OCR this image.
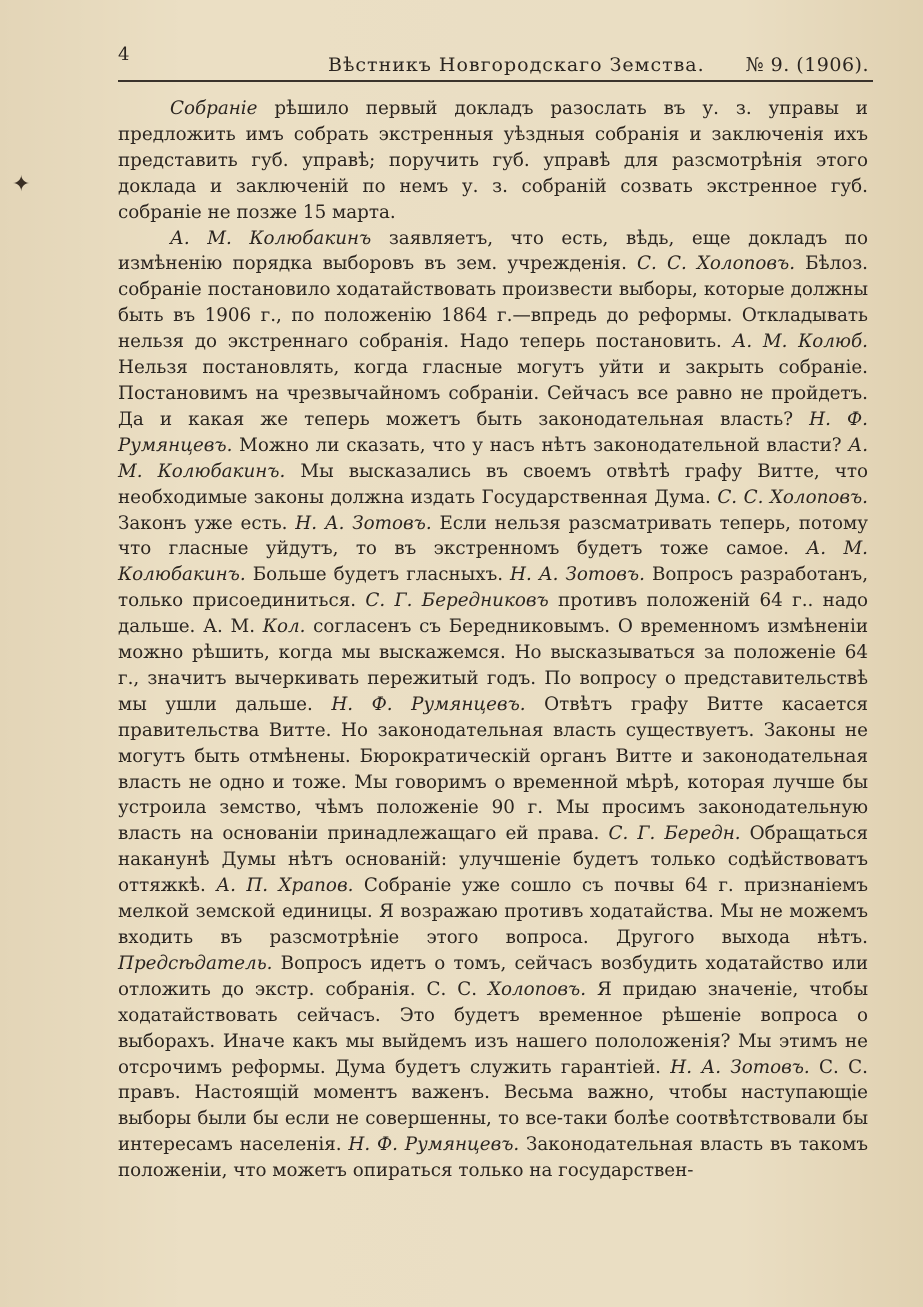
✦
4	Вѣстникъ Новгородскаго Земства. № 9. (1906).

Собраніе рѣшило первый докладъ разослать въ у. з. управы и предложить имъ собрать экстренныя уѣздныя собранія и заключенія ихъ представить губ. управѣ; поручить губ. управѣ для разсмотрѣнія этого доклада и заключеній по немъ у. з. собраній созвать экстренное губ. собраніе не позже 15 марта.

А. М. Колюбакинъ заявляетъ, что есть, вѣдь, еще докладъ по измѣненію порядка выборовъ въ зем. учрежденія. С. С. Холоповъ. Бѣлоз. собраніе постановило ходатайствовать произвести выборы, которые должны быть въ 1906 г., по положенію 1864 г.—впредь до реформы. Откладывать нельзя до экстреннаго собранія. Надо теперь постановить. А. М. Колюб. Нельзя постановлять, когда гласные могутъ уйти и закрыть собраніе. Постановимъ на чрезвычайномъ собраніи. Сейчасъ все равно не пройдетъ. Да и какая же теперь можетъ быть законодательная власть? Н. Ф. Румянцевъ. Можно ли сказать, что у насъ нѣтъ законодательной власти? А. М. Колюбакинъ. Мы высказались въ своемъ отвѣтѣ графу Витте, что необходимые законы должна издать Государственная Дума. С. С. Холоповъ. Законъ уже есть. Н. А. Зотовъ. Если нельзя разсматривать теперь, потому что гласные уйдутъ, то въ экстренномъ будетъ тоже самое. А. М. Колюбакинъ. Больше будетъ гласныхъ. Н. А. Зотовъ. Вопросъ разработанъ, только присоединиться. С. Г. Бередниковъ противъ положеній 64 г.. надо дальше. А. М. Кол. согласенъ съ Бередниковымъ. О временномъ измѣненіи можно рѣшить, когда мы выскажемся. Но высказываться за положеніе 64 г., значитъ вычеркивать пережитый годъ. По вопросу о представительствѣ мы ушли дальше. Н. Ф. Румянцевъ. Отвѣтъ графу Витте касается правительства Витте. Но законодательная власть существуетъ. Законы не могутъ быть отмѣнены. Бюрократическій органъ Витте и законодательная власть не одно и тоже. Мы говоримъ о временной мѣрѣ, которая лучше бы устроила земство, чѣмъ положеніе 90 г. Мы просимъ законодательную власть на основаніи принадлежащаго ей права. С. Г. Бередн. Обращаться наканунѣ Думы нѣтъ основаній: улучшеніе будетъ только содѣйствоватъ оттяжкѣ. А. П. Храпов. Собраніе уже сошло съ почвы 64 г. признаніемъ мелкой земской единицы. Я возражаю противъ ходатайства. Мы не можемъ входить въ разсмотрѣніе этого вопроса. Другого выхода нѣтъ. Предсѣдатель. Вопросъ идетъ о томъ, сейчасъ возбудить ходатайство или отложить до экстр. собранія. С. С. Холоповъ. Я придаю значеніе, чтобы ходатайствовать сейчасъ. Это будетъ временное рѣшеніе вопроса о выборахъ. Иначе какъ мы выйдемъ изъ нашего пололоженія? Мы этимъ не отсрочимъ реформы. Дума будетъ служить гарантіей. Н. А. Зотовъ. С. С. правъ. Настоящій моментъ важенъ. Весьма важно, чтобы наступающіе выборы были бы если не совершенны, то все-таки болѣе соотвѣтствовали бы интересамъ населенія. Н. Ф. Румянцевъ. Законодательная власть въ такомъ положеніи, что можетъ опираться только на государствен-
